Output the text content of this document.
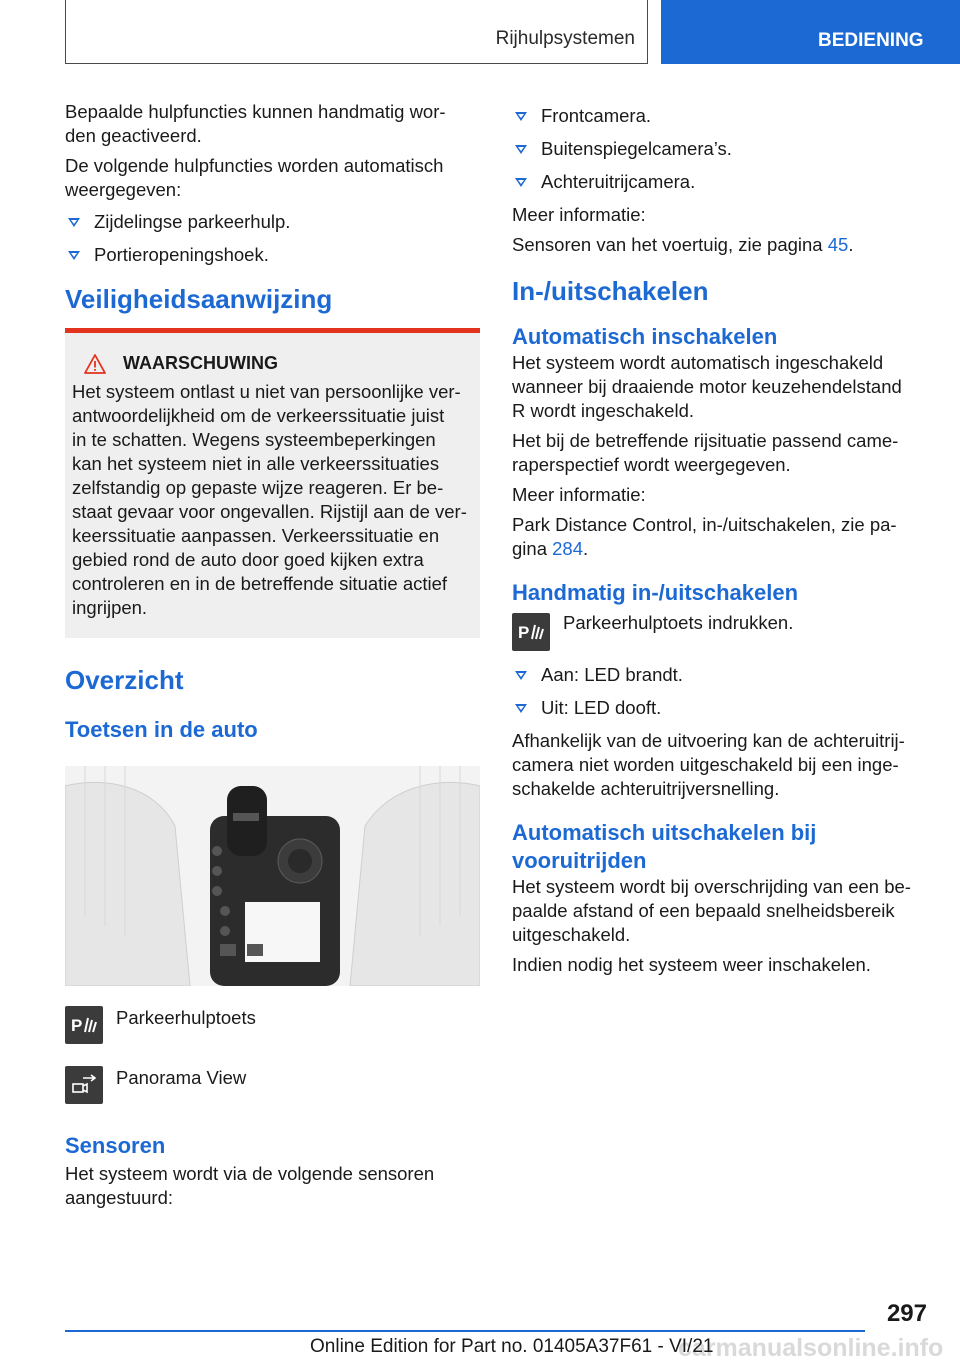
Rijhulpsystemen	BEDIENING

Bepaalde hulpfuncties kunnen handmatig wor-
den geactiveerd.

De volgende hulpfuncties worden automatisch
weergegeven:

Zijdelingse parkeerhulp.
Portieropeningshoek.
Veiligheidsaanwijzing
WAARSCHUWING

Het systeem ontlast u niet van persoonlijke ver-
antwoordelijkheid om de verkeerssituatie juist
in te schatten. Wegens systeembeperkingen
kan het systeem niet in alle verkeerssituaties
zelfstandig op gepaste wijze reageren. Er be-
staat gevaar voor ongevallen. Rijstijl aan de ver-
keerssituatie aanpassen. Verkeerssituatie en
gebied rond de auto door goed kijken extra
controleren en in de betreffende situatie actief
ingrijpen.

Overzicht
Toetsen in de auto
P Parkeerhulptoets
Panorama View
Sensoren

Het systeem wordt via de volgende sensoren
aangestuurd:

Frontcamera.
Buitenspiegelcamera’s.
Achteruitrijcamera.

Meer informatie:

Sensoren van het voertuig, zie pagina 45.

In-/uitschakelen
Automatisch inschakelen

Het systeem wordt automatisch ingeschakeld
wanneer bij draaiende motor keuzehendelstand
R wordt ingeschakeld.

Het bij de betreffende rijsituatie passend came-
raperspectief wordt weergegeven.

Meer informatie:

Park Distance Control, in-/uitschakelen, zie pa-
gina 284.

Handmatig in-/uitschakelen
P Parkeerhulptoets indrukken.
Aan: LED brandt.
Uit: LED dooft.

Afhankelijk van de uitvoering kan de achteruitrij-
camera niet worden uitgeschakeld bij een inge-
schakelde achteruitrijversnelling.

Automatisch uitschakelen bij
vooruitrijden

Het systeem wordt bij overschrijding van een be-
paalde afstand of een bepaald snelheidsbereik
uitgeschakeld.

Indien nodig het systeem weer inschakelen.

297
carmanualsonline.info
Online Edition for Part no. 01405A37F61 - VI/21
